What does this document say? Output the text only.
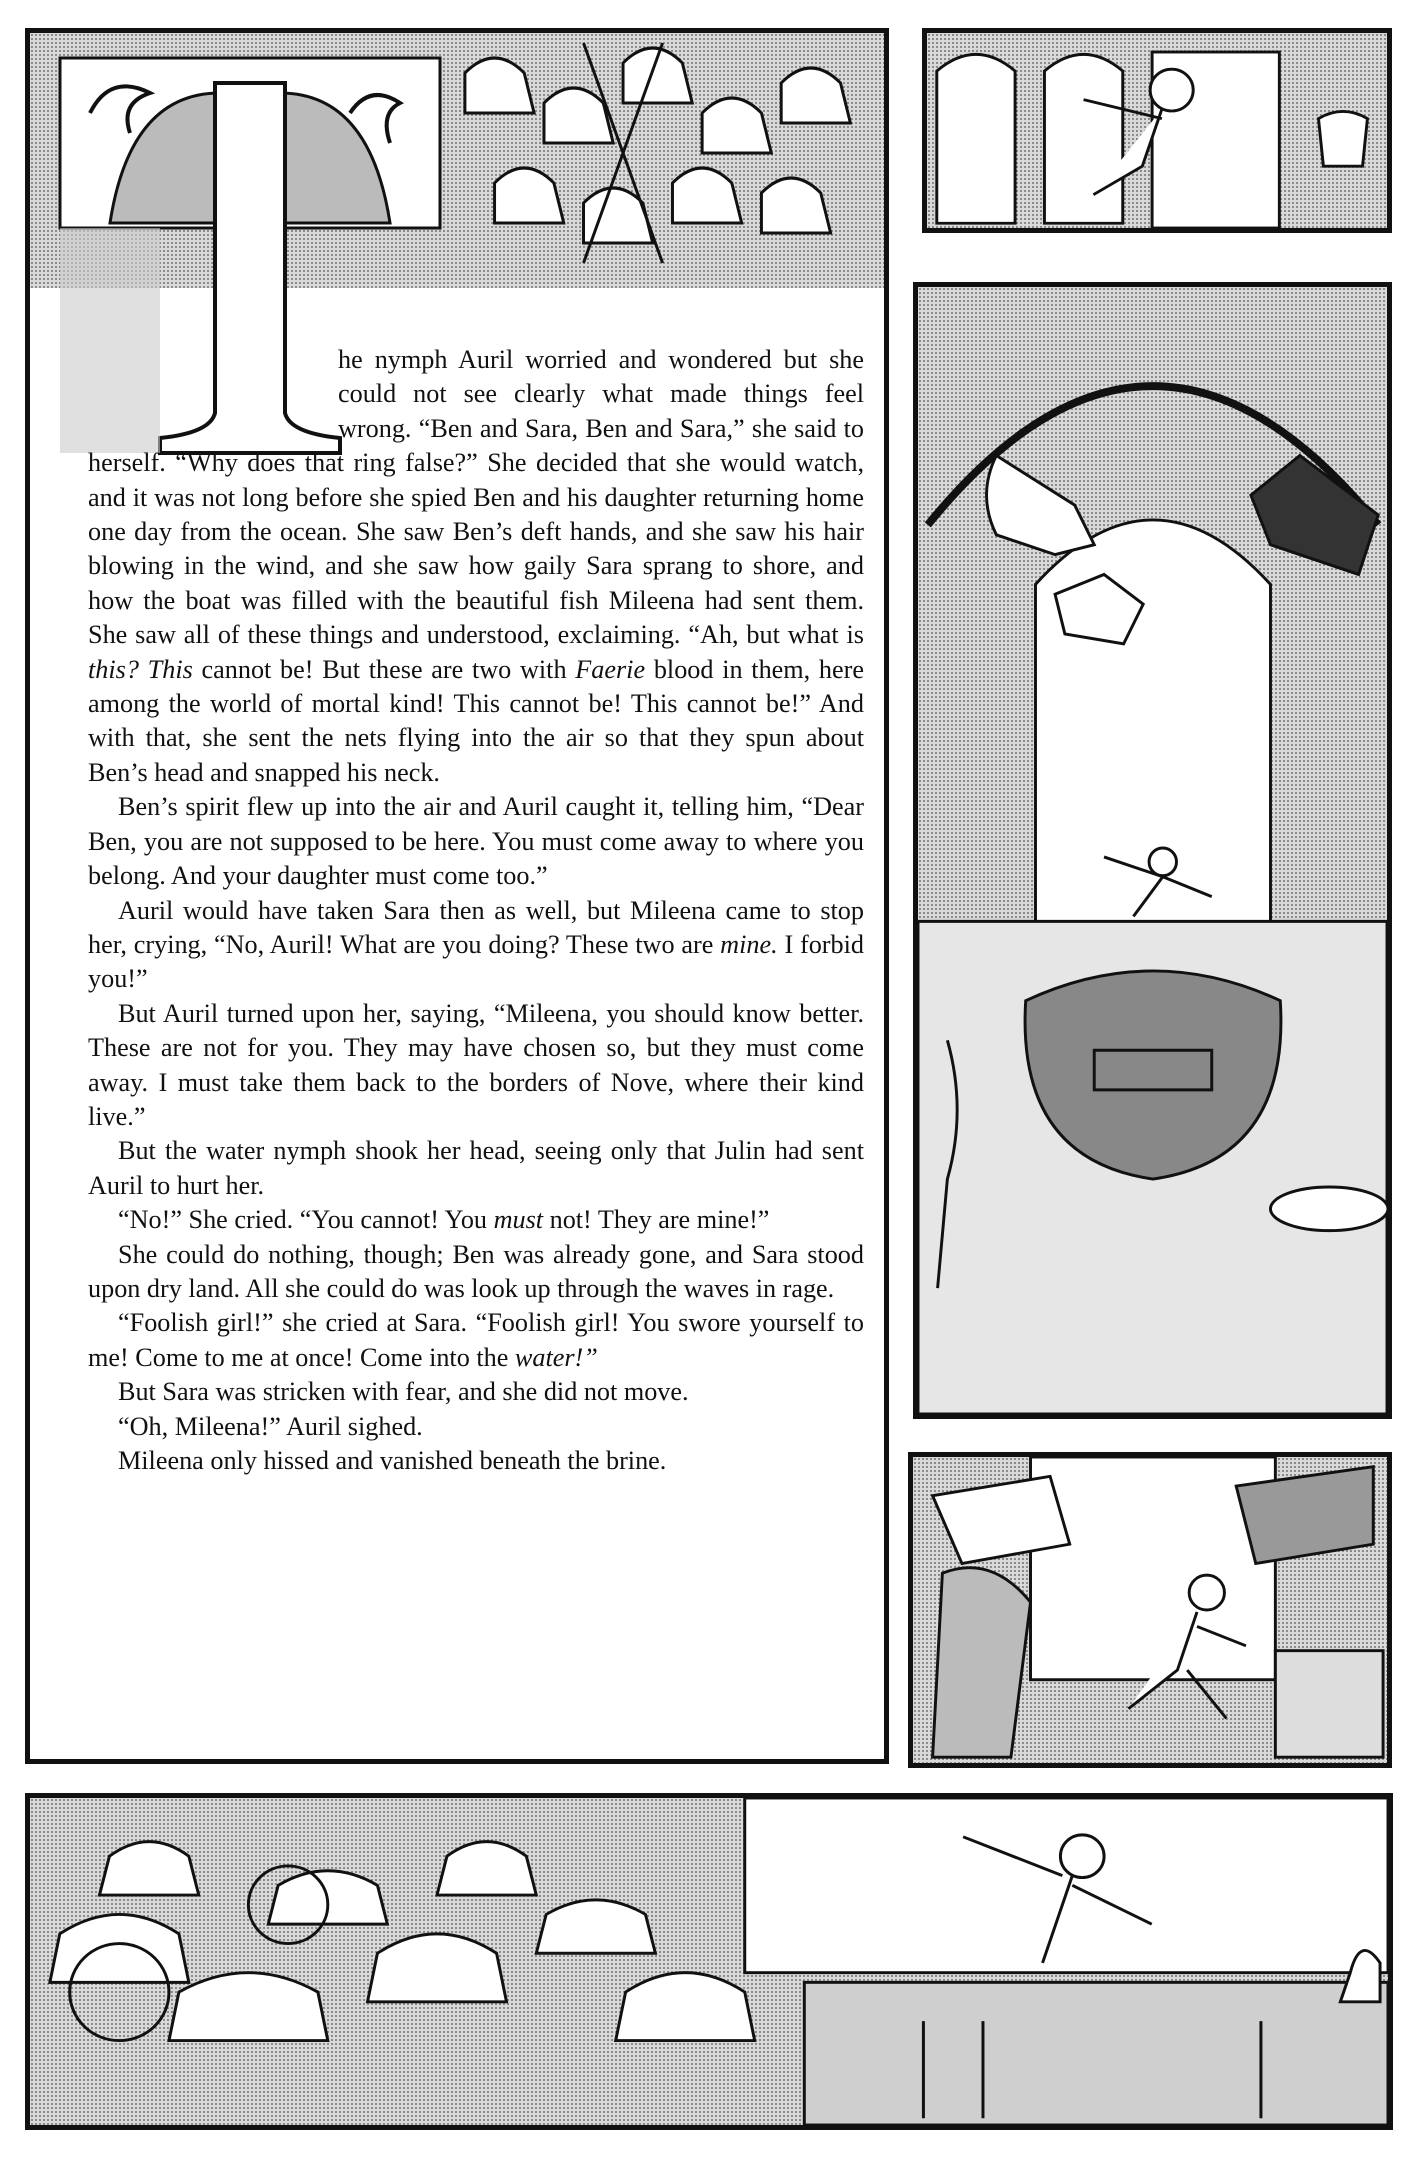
he nymph Auril worried and wondered but she could not see clearly what made things feel wrong. “Ben and Sara, Ben and Sara,” she said to herself. “Why does that ring false?” She decided that she would watch, and it was not long before she spied Ben and his daughter returning home one day from the ocean. She saw Ben’s deft hands, and she saw his hair blowing in the wind, and she saw how gaily Sara sprang to shore, and how the boat was filled with the beautiful fish Mileena had sent them. She saw all of these things and understood, exclaiming. “Ah, but what is this? This cannot be! But these are two with Faerie blood in them, here among the world of mortal kind! This cannot be! This cannot be!” And with that, she sent the nets flying into the air so that they spun about Ben’s head and snapped his neck.

Ben’s spirit flew up into the air and Auril caught it, telling him, “Dear Ben, you are not supposed to be here. You must come away to where you belong. And your daughter must come too.”

Auril would have taken Sara then as well, but Mileena came to stop her, crying, “No, Auril! What are you doing? These two are mine. I forbid you!”

But Auril turned upon her, saying, “Mileena, you should know better. These are not for you. They may have chosen so, but they must come away. I must take them back to the borders of Nove, where their kind live.”

But the water nymph shook her head, seeing only that Julin had sent Auril to hurt her.

“No!” She cried. “You cannot! You must not! They are mine!”

She could do nothing, though; Ben was already gone, and Sara stood upon dry land. All she could do was look up through the waves in rage.

“Foolish girl!” she cried at Sara. “Foolish girl! You swore yourself to me! Come to me at once! Come into the water!”

But Sara was stricken with fear, and she did not move.

“Oh, Mileena!” Auril sighed.

Mileena only hissed and vanished beneath the brine.
